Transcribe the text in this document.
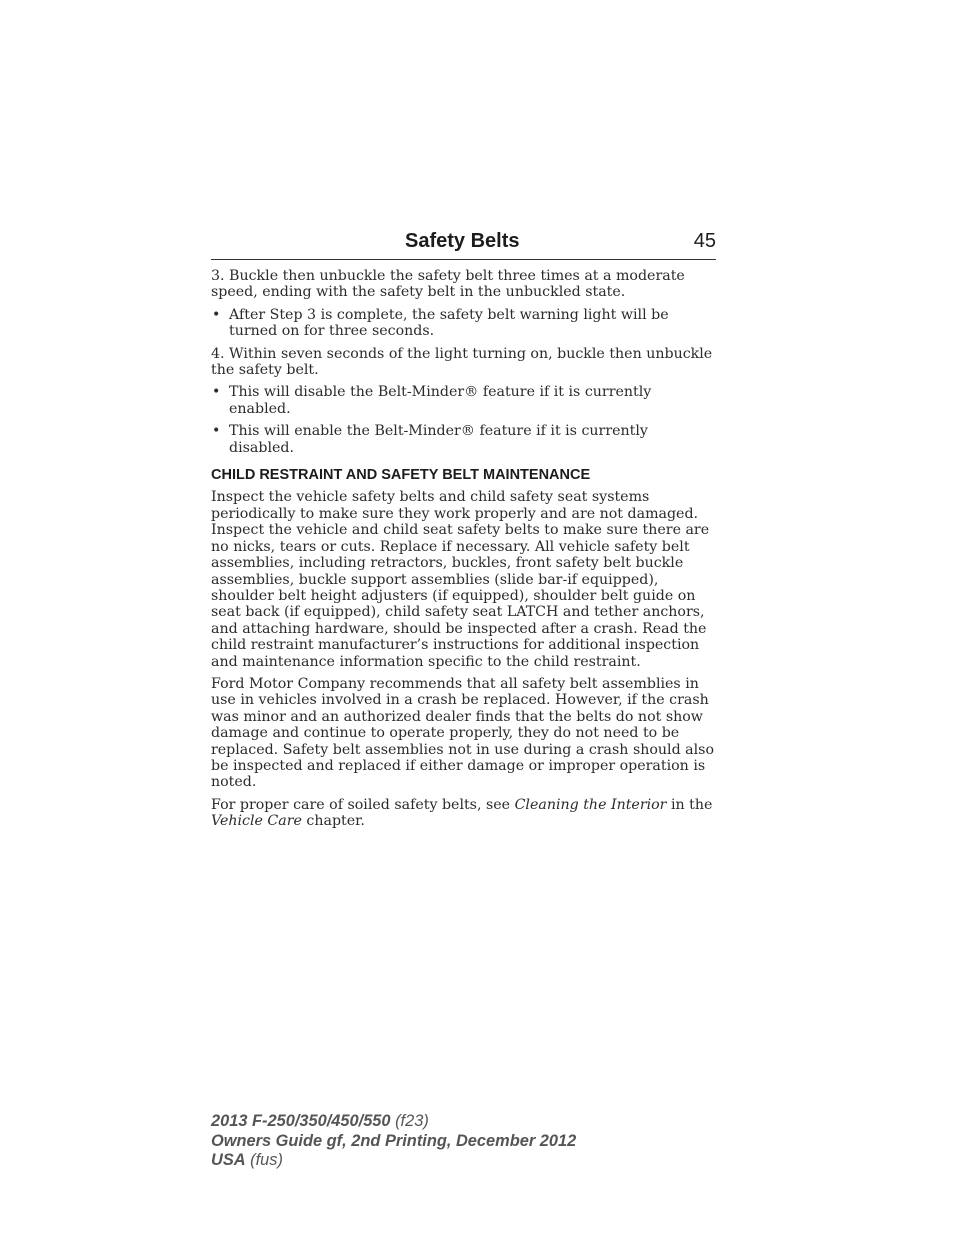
Safety Belts	45

3. Buckle then unbuckle the safety belt three times at a moderate speed, ending with the safety belt in the unbuckled state.

• After Step 3 is complete, the safety belt warning light will be turned on for three seconds.

4. Within seven seconds of the light turning on, buckle then unbuckle the safety belt.

• This will disable the Belt-Minder® feature if it is currently enabled.
• This will enable the Belt-Minder® feature if it is currently disabled.
CHILD RESTRAINT AND SAFETY BELT MAINTENANCE

Inspect the vehicle safety belts and child safety seat systems periodically to make sure they work properly and are not damaged. Inspect the vehicle and child seat safety belts to make sure there are no nicks, tears or cuts. Replace if necessary. All vehicle safety belt assemblies, including retractors, buckles, front safety belt buckle assemblies, buckle support assemblies (slide bar-if equipped), shoulder belt height adjusters (if equipped), shoulder belt guide on seat back (if equipped), child safety seat LATCH and tether anchors, and attaching hardware, should be inspected after a crash. Read the child restraint manufacturer’s instructions for additional inspection and maintenance information specific to the child restraint.

Ford Motor Company recommends that all safety belt assemblies in use in vehicles involved in a crash be replaced. However, if the crash was minor and an authorized dealer finds that the belts do not show damage and continue to operate properly, they do not need to be replaced. Safety belt assemblies not in use during a crash should also be inspected and replaced if either damage or improper operation is noted.

For proper care of soiled safety belts, see Cleaning the Interior in the Vehicle Care chapter.

2013 F-250/350/450/550 (f23)
Owners Guide gf, 2nd Printing, December 2012
USA (fus)
